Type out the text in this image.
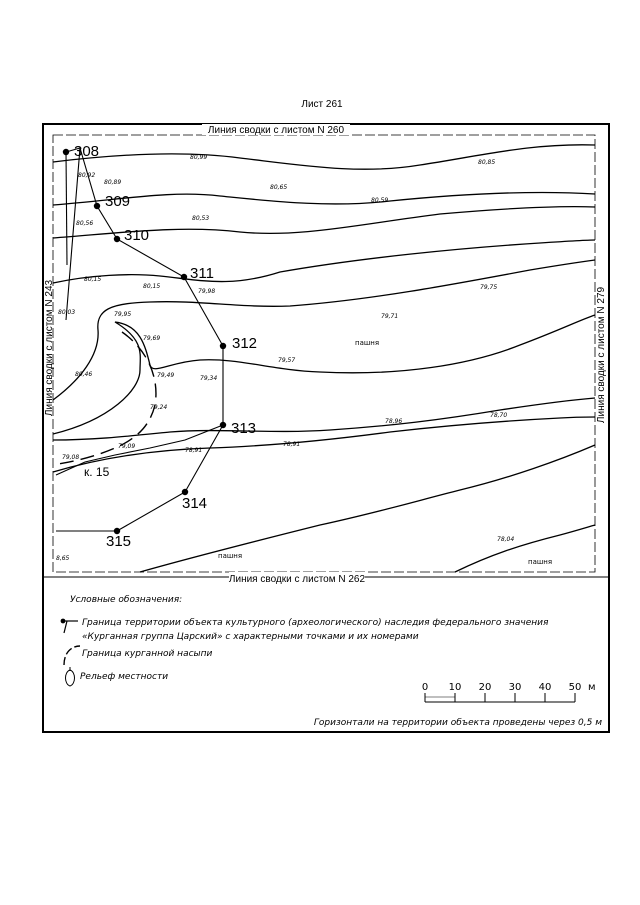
Лист 261
Линия сводки с листом N 260
Линия сводки с листом N 262
Линия сводки с листом N 243	Линия сводки с листом N 279
308
309
310
311
312
313
314
315
к. 15
80,99
80,85
80,92
80,89
80,65
80,59
80,56
80,53
80,15
80,15
79,98
79,75
80,03	79,95	79,71
79,69
80,46	79,49	79,34
79,57
79,24
78,96
78,70
79,09
79,08
78,91
78,91
78,04
8,65
пашня
пашня
пашня
Условные обозначения:
Граница территории объекта культурного (археологического) наследия федерального значения
«Курганная группа Царский» с характерными точками и их номерами
Граница курганной насыпи
Рельеф местности
0 10 20 30 40 50 м
Горизонтали на территории объекта проведены через 0,5 м
